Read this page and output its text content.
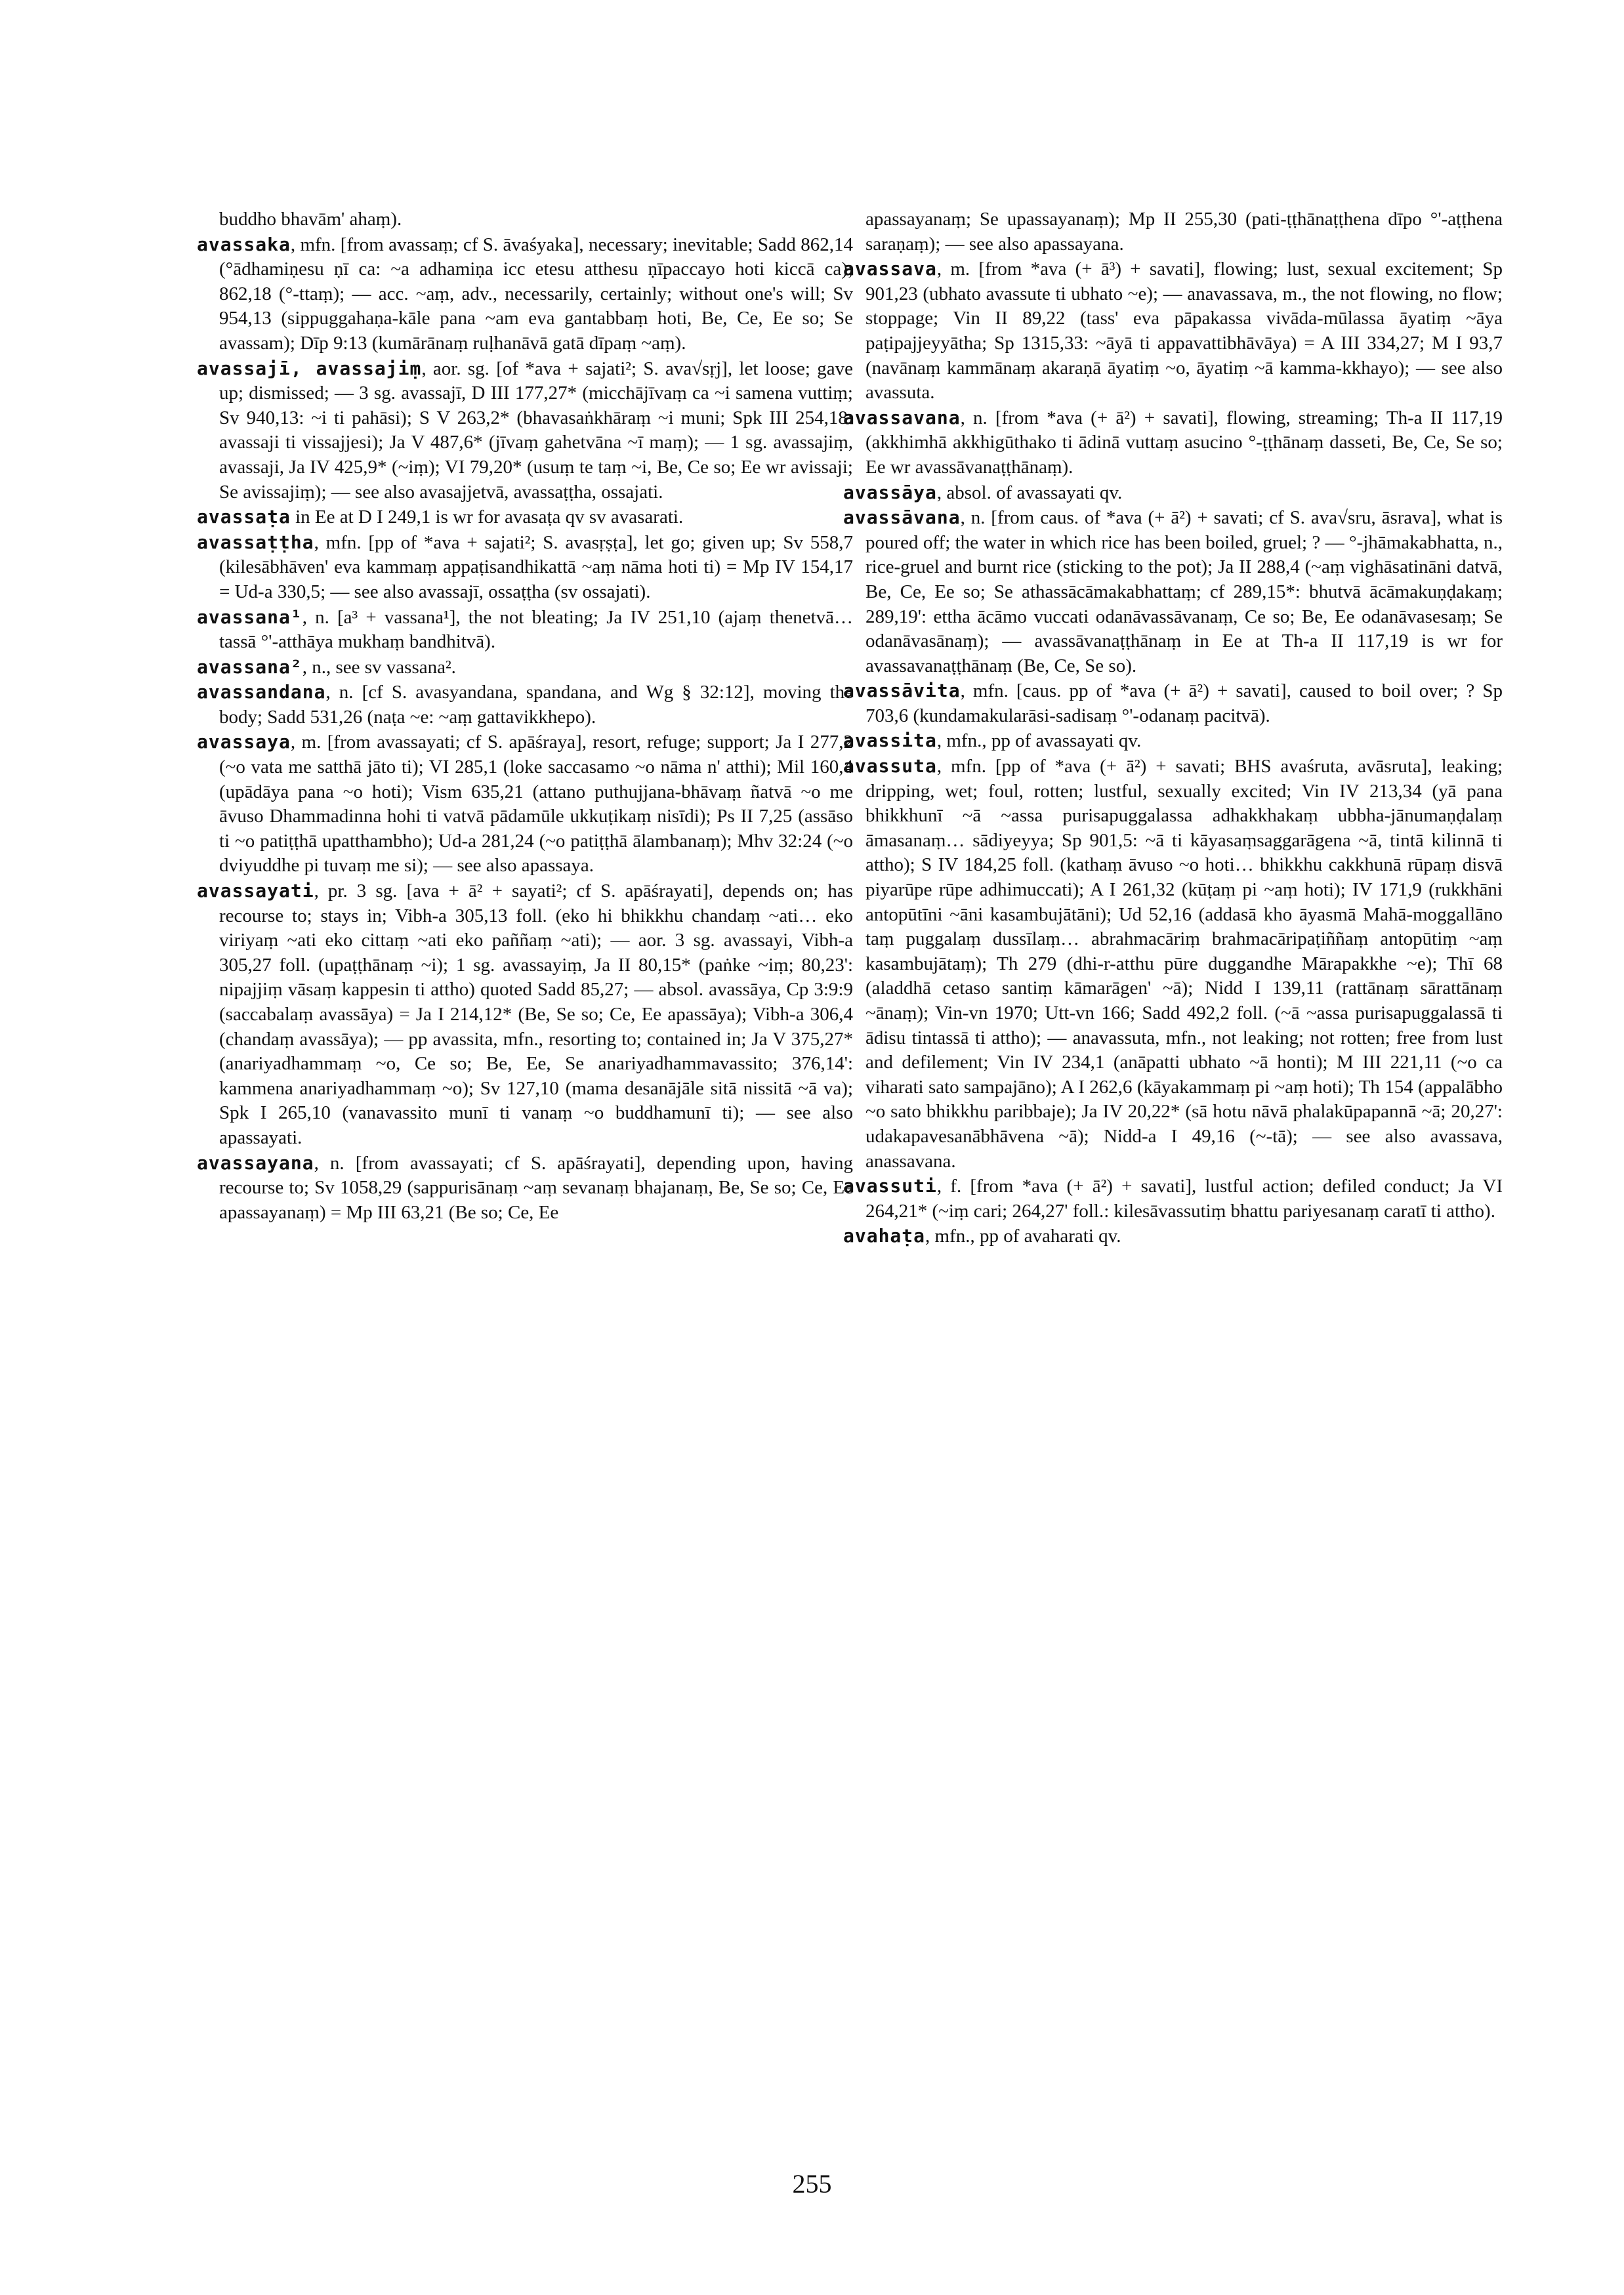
buddho bhavām' ahaṃ).

avassaka, mfn. [from avassaṃ; cf S. āvaśyaka], necessary; inevitable; Sadd 862,14 (°ādhamiṇesu ṇī ca: ~a adhamiṇa icc etesu atthesu ṇīpaccayo hoti kiccā ca); 862,18 (°-ttaṃ); — acc. ~aṃ, adv., necessarily, certainly; without one's will; Sv 954,13 (sippuggahaṇa-kāle pana ~am eva gantabbaṃ hoti, Be, Ce, Ee so; Se avassam); Dīp 9:13 (kumārānaṃ ruḷhanāvā gatā dīpaṃ ~aṃ).

avassajī, avassajiṃ, aor. sg. [of *ava + sajati²; S. ava√sṛj], let loose; gave up; dismissed; — 3 sg. avassajī, D III 177,27* (micchājīvaṃ ca ~i samena vuttiṃ; Sv 940,13: ~i ti pahāsi); S V 263,2* (bhavasaṅkhāraṃ ~i muni; Spk III 254,18: avassaji ti vissajjesi); Ja V 487,6* (jīvaṃ gahetvāna ~ī maṃ); — 1 sg. avassajiṃ, avassaji, Ja IV 425,9* (~iṃ); VI 79,20* (usuṃ te taṃ ~i, Be, Ce so; Ee wr avissaji; Se avissajiṃ); — see also avasajjetvā, avassaṭṭha, ossajati.

avassaṭa in Ee at D I 249,1 is wr for avasaṭa qv sv avasarati.

avassaṭṭha, mfn. [pp of *ava + sajati²; S. avasṛṣṭa], let go; given up; Sv 558,7 (kilesābhāven' eva kammaṃ appaṭisandhikattā ~aṃ nāma hoti ti) = Mp IV 154,17 = Ud-a 330,5; — see also avassajī, ossaṭṭha (sv ossajati).

avassana¹, n. [a³ + vassana¹], the not bleating; Ja IV 251,10 (ajaṃ thenetvā… tassā °'-atthāya mukhaṃ bandhitvā).

avassana², n., see sv vassana².

avassandana, n. [cf S. avasyandana, spandana, and Wg § 32:12], moving the body; Sadd 531,26 (naṭa ~e: ~aṃ gattavikkhepo).

avassaya, m. [from avassayati; cf S. apāśraya], resort, refuge; support; Ja I 277,2 (~o vata me satthā jāto ti); VI 285,1 (loke saccasamo ~o nāma n' atthi); Mil 160,4 (upādāya pana ~o hoti); Vism 635,21 (attano puthujjana-bhāvaṃ ñatvā ~o me āvuso Dhammadinna hohi ti vatvā pādamūle ukkuṭikaṃ nisīdi); Ps II 7,25 (assāso ti ~o patiṭṭhā upatthambho); Ud-a 281,24 (~o patiṭṭhā ālambanaṃ); Mhv 32:24 (~o dviyuddhe pi tuvaṃ me si); — see also apassaya.

avassayati, pr. 3 sg. [ava + ā² + sayati²; cf S. apāśrayati], depends on; has recourse to; stays in; Vibh-a 305,13 foll. (eko hi bhikkhu chandaṃ ~ati… eko viriyaṃ ~ati eko cittaṃ ~ati eko paññaṃ ~ati); — aor. 3 sg. avassayi, Vibh-a 305,27 foll. (upaṭṭhānaṃ ~i); 1 sg. avassayiṃ, Ja II 80,15* (paṅke ~iṃ; 80,23': nipajjiṃ vāsaṃ kappesin ti attho) quoted Sadd 85,27; — absol. avassāya, Cp 3:9:9 (saccabalaṃ avassāya) = Ja I 214,12* (Be, Se so; Ce, Ee apassāya); Vibh-a 306,4 (chandaṃ avassāya); — pp avassita, mfn., resorting to; contained in; Ja V 375,27* (anariyadhammaṃ ~o, Ce so; Be, Ee, Se anariyadhammavassito; 376,14': kammena anariyadhammaṃ ~o); Sv 127,10 (mama desanājāle sitā nissitā ~ā va); Spk I 265,10 (vanavassito munī ti vanaṃ ~o buddhamunī ti); — see also apassayati.

avassayana, n. [from avassayati; cf S. apāśrayati], depending upon, having recourse to; Sv 1058,29 (sappurisānaṃ ~aṃ sevanaṃ bhajanaṃ, Be, Se so; Ce, Ee apassayanaṃ) = Mp III 63,21 (Be so; Ce, Ee

apassayanaṃ; Se upassayanaṃ); Mp II 255,30 (pati-ṭṭhānaṭṭhena dīpo °'-aṭṭhena saraṇaṃ); — see also apassayana.

avassava, m. [from *ava (+ ā³) + savati], flowing; lust, sexual excitement; Sp 901,23 (ubhato avassute ti ubhato ~e); — anavassava, m., the not flowing, no flow; stoppage; Vin II 89,22 (tass' eva pāpakassa vivāda-mūlassa āyatiṃ ~āya paṭipajjeyyātha; Sp 1315,33: ~āyā ti appavattibhāvāya) = A III 334,27; M I 93,7 (navānaṃ kammānaṃ akaraṇā āyatiṃ ~o, āyatiṃ ~ā kamma-kkhayo); — see also avassuta.

avassavana, n. [from *ava (+ ā²) + savati], flowing, streaming; Th-a II 117,19 (akkhimhā akkhigūthako ti ādinā vuttaṃ asucino °-ṭṭhānaṃ dasseti, Be, Ce, Se so; Ee wr avassāvanaṭṭhānaṃ).

avassāya, absol. of avassayati qv.

avassāvana, n. [from caus. of *ava (+ ā²) + savati; cf S. ava√sru, āsrava], what is poured off; the water in which rice has been boiled, gruel; ? — °-jhāmakabhatta, n., rice-gruel and burnt rice (sticking to the pot); Ja II 288,4 (~aṃ vighāsatināni datvā, Be, Ce, Ee so; Se athassācāmakabhattaṃ; cf 289,15*: bhutvā ācāmakuṇḍakaṃ; 289,19': ettha ācāmo vuccati odanāvassāvanaṃ, Ce so; Be, Ee odanāvasesaṃ; Se odanāvasānaṃ); — avassāvanaṭṭhānaṃ in Ee at Th-a II 117,19 is wr for avassavanaṭṭhānaṃ (Be, Ce, Se so).

avassāvita, mfn. [caus. pp of *ava (+ ā²) + savati], caused to boil over; ? Sp 703,6 (kundamakularāsi-sadisaṃ °'-odanaṃ pacitvā).

avassita, mfn., pp of avassayati qv.

avassuta, mfn. [pp of *ava (+ ā²) + savati; BHS avaśruta, avāsruta], leaking; dripping, wet; foul, rotten; lustful, sexually excited; Vin IV 213,34 (yā pana bhikkhunī ~ā ~assa purisapuggalassa adhakkhakaṃ ubbha-jānumaṇḍalaṃ āmasanaṃ… sādiyeyya; Sp 901,5: ~ā ti kāyasaṃsaggarāgena ~ā, tintā kilinnā ti attho); S IV 184,25 foll. (kathaṃ āvuso ~o hoti… bhikkhu cakkhunā rūpaṃ disvā piyarūpe rūpe adhimuccati); A I 261,32 (kūṭaṃ pi ~aṃ hoti); IV 171,9 (rukkhāni antopūtīni ~āni kasambujātāni); Ud 52,16 (addasā kho āyasmā Mahā-moggallāno taṃ puggalaṃ dussīlaṃ… abrahmacāriṃ brahmacāripaṭiññaṃ antopūtiṃ ~aṃ kasambujātaṃ); Th 279 (dhi-r-atthu pūre duggandhe Mārapakkhe ~e); Thī 68 (aladdhā cetaso santiṃ kāmarāgen' ~ā); Nidd I 139,11 (rattānaṃ sārattānaṃ ~ānaṃ); Vin-vn 1970; Utt-vn 166; Sadd 492,2 foll. (~ā ~assa purisapuggalassā ti ādisu tintassā ti attho); — anavassuta, mfn., not leaking; not rotten; free from lust and defilement; Vin IV 234,1 (anāpatti ubhato ~ā honti); M III 221,11 (~o ca viharati sato sampajāno); A I 262,6 (kāyakammaṃ pi ~aṃ hoti); Th 154 (appalābho ~o sato bhikkhu paribbaje); Ja IV 20,22* (sā hotu nāvā phalakūpapannā ~ā; 20,27': udakapavesanābhāvena ~ā); Nidd-a I 49,16 (~-tā); — see also avassava, anassavana.

avassuti, f. [from *ava (+ ā²) + savati], lustful action; defiled conduct; Ja VI 264,21* (~iṃ cari; 264,27' foll.: kilesāvassutiṃ bhattu pariyesanaṃ caratī ti attho).

avahaṭa, mfn., pp of avaharati qv.

255
